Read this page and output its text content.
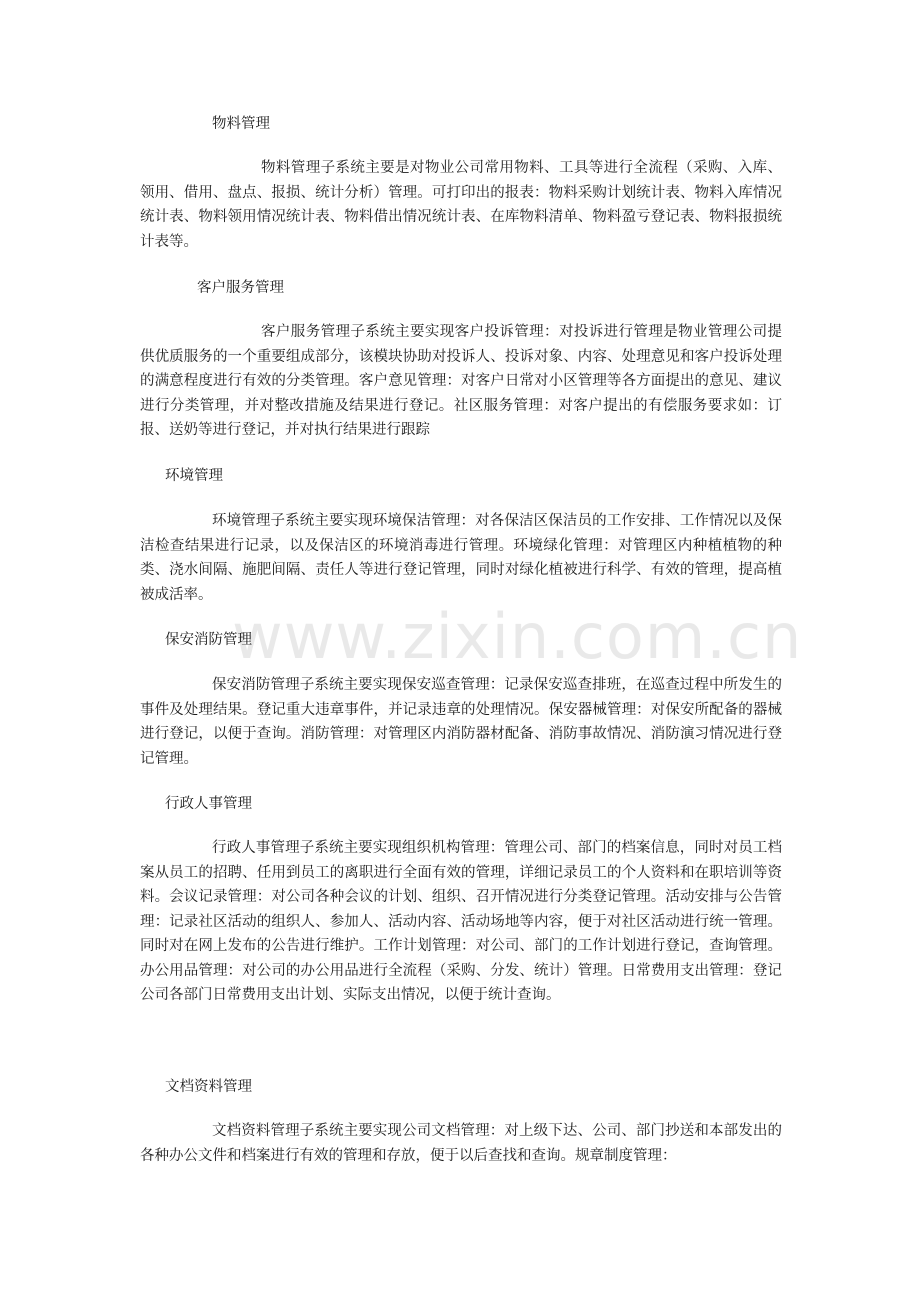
物料管理

物料管理子系统主要是对物业公司常用物料、工具等进行全流程（采购、入库、领用、借用、盘点、报损、统计分析）管理。可打印出的报表：物料采购计划统计表、物料入库情况统计表、物料领用情况统计表、物料借出情况统计表、在库物料清单、物料盈亏登记表、物料报损统计表等。

客户服务管理

客户服务管理子系统主要实现客户投诉管理：对投诉进行管理是物业管理公司提供优质服务的一个重要组成部分，该模块协助对投诉人、投诉对象、内容、处理意见和客户投诉处理的满意程度进行有效的分类管理。客户意见管理：对客户日常对小区管理等各方面提出的意见、建议进行分类管理，并对整改措施及结果进行登记。社区服务管理：对客户提出的有偿服务要求如：订报、送奶等进行登记，并对执行结果进行跟踪

环境管理

环境管理子系统主要实现环境保洁管理：对各保洁区保洁员的工作安排、工作情况以及保洁检查结果进行记录，以及保洁区的环境消毒进行管理。环境绿化管理：对管理区内种植植物的种类、浇水间隔、施肥间隔、责任人等进行登记管理，同时对绿化植被进行科学、有效的管理，提高植被成活率。

www.zixin.com.cn
保安消防管理

保安消防管理子系统主要实现保安巡查管理：记录保安巡查排班，在巡查过程中所发生的事件及处理结果。登记重大违章事件，并记录违章的处理情况。保安器械管理：对保安所配备的器械进行登记，以便于查询。消防管理：对管理区内消防器材配备、消防事故情况、消防演习情况进行登记管理。

行政人事管理

行政人事管理子系统主要实现组织机构管理：管理公司、部门的档案信息，同时对员工档案从员工的招聘、任用到员工的离职进行全面有效的管理，详细记录员工的个人资料和在职培训等资料。会议记录管理：对公司各种会议的计划、组织、召开情况进行分类登记管理。活动安排与公告管理：记录社区活动的组织人、参加人、活动内容、活动场地等内容，便于对社区活动进行统一管理。 同时对在网上发布的公告进行维护。工作计划管理：对公司、部门的工作计划进行登记，查询管理。办公用品管理：对公司的办公用品进行全流程（采购、分发、统计）管理。日常费用支出管理：登记公司各部门日常费用支出计划、实际支出情况，以便于统计查询。

文档资料管理

文档资料管理子系统主要实现公司文档管理：对上级下达、公司、部门抄送和本部发出的各种办公文件和档案进行有效的管理和存放，便于以后查找和查询。规章制度管理：
